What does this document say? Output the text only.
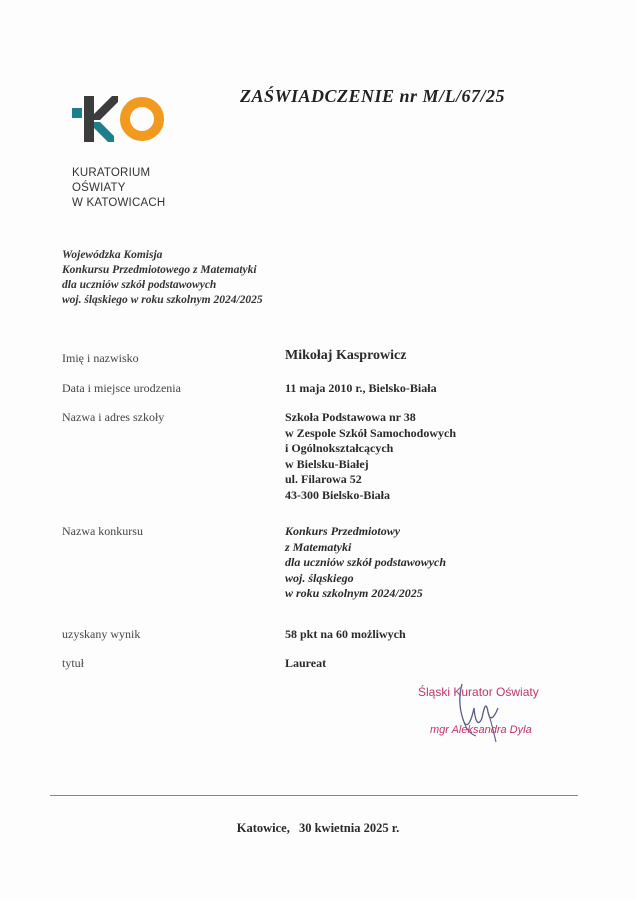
KURATORIUM
OŚWIATY
W KATOWICACH
ZAŚWIADCZENIE nr M/L/67/25
Wojewódzka Komisja
Konkursu Przedmiotowego z Matematyki
dla uczniów szkół podstawowych
woj. śląskiego w roku szkolnym 2024/2025
Imię i nazwisko	Mikołaj Kasprowicz
Data i miejsce urodzenia	11 maja 2010 r., Bielsko-Biała
Nazwa i adres szkoły	Szkoła Podstawowa nr 38
w Zespole Szkół Samochodowych
i Ogólnokształcących
w Bielsku-Białej
ul. Filarowa 52
43-300 Bielsko-Biała
Nazwa konkursu	Konkurs Przedmiotowy
z Matematyki
dla uczniów szkół podstawowych
woj. śląskiego
w roku szkolnym 2024/2025
uzyskany wynik	58 pkt na 60 możliwych
tytuł	Laureat
Śląski Kurator Oświaty
mgr Aleksandra Dyla
Katowice, 30 kwietnia 2025 r.
